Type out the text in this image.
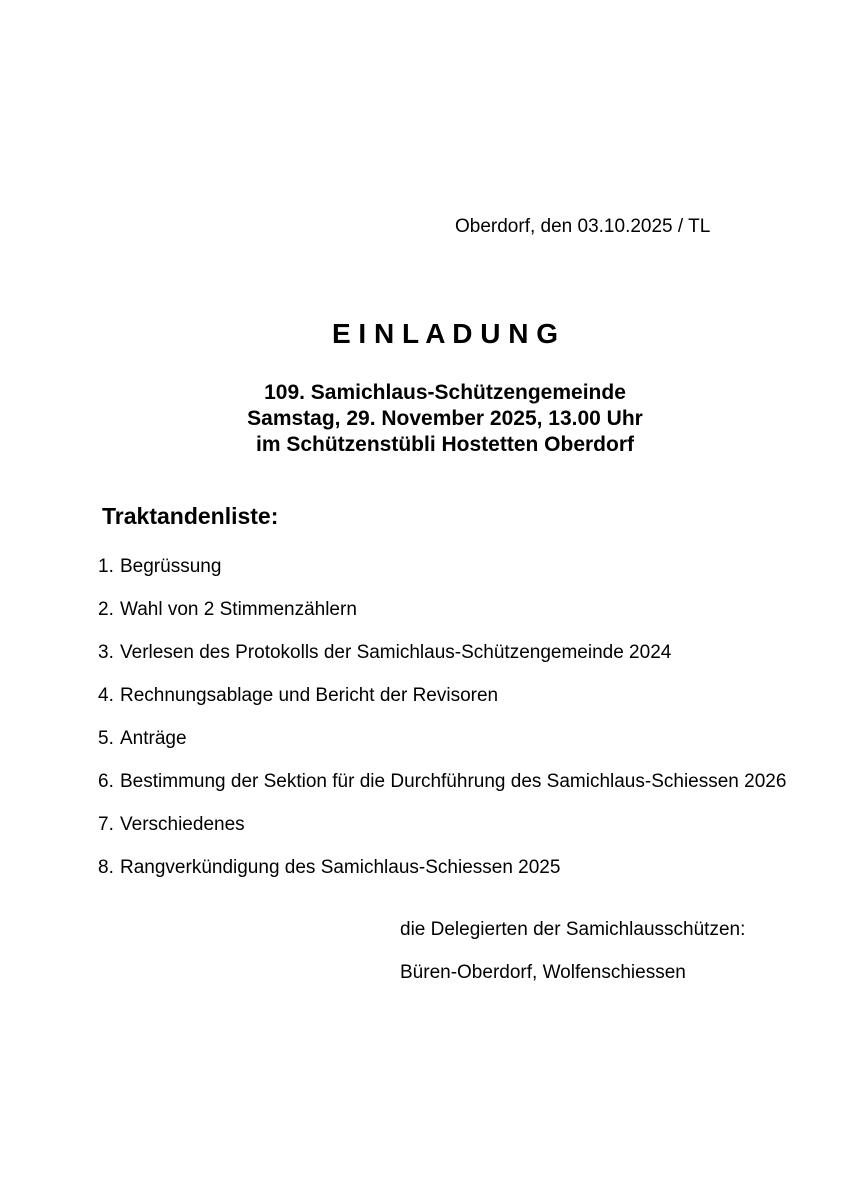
Oberdorf, den 03.10.2025 / TL
E I N L A D U N G
109. Samichlaus-Schützengemeinde
Samstag, 29. November 2025, 13.00 Uhr
im Schützenstübli Hostetten Oberdorf
Traktandenliste:
1. Begrüssung
2. Wahl von 2 Stimmenzählern
3. Verlesen des Protokolls der Samichlaus-Schützengemeinde 2024
4. Rechnungsablage und Bericht der Revisoren
5. Anträge
6. Bestimmung der Sektion für die Durchführung des Samichlaus-Schiessen 2026
7. Verschiedenes
8. Rangverkündigung des Samichlaus-Schiessen 2025
die Delegierten der Samichlausschützen:
Büren-Oberdorf, Wolfenschiessen
